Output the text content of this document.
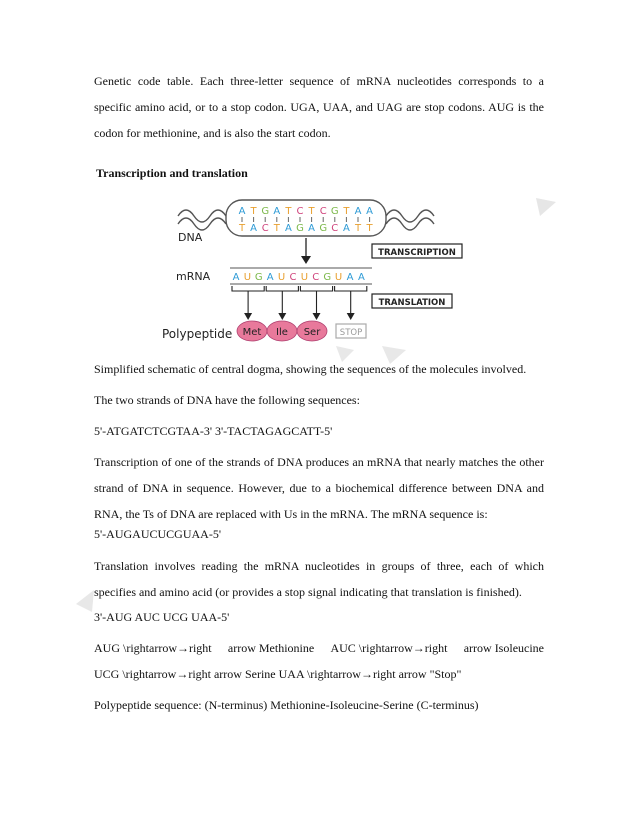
Genetic code table. Each three-letter sequence of mRNA nucleotides corresponds to a specific amino acid, or to a stop codon. UGA, UAA, and UAG are stop codons. AUG is the codon for methionine, and is also the start codon.

Transcription and translation

A T G A T C T C G T A A
T A C T A G A G C A T T
DNA
TRANSCRIPTION
mRNA A U G A U C U C G U A A
TRANSLATION
Polypeptide Met Ile Ser STOP

Simplified schematic of central dogma, showing the sequences of the molecules involved.

The two strands of DNA have the following sequences:

5'-ATGATCTCGTAA-3' 3'-TACTAGAGCATT-5'

Transcription of one of the strands of DNA produces an mRNA that nearly matches the other strand of DNA in sequence. However, due to a biochemical difference between DNA and RNA, the Ts of DNA are replaced with Us in the mRNA. The mRNA sequence is:

5'-AUGAUCUCGUAA-5'

Translation involves reading the mRNA nucleotides in groups of three, each of which specifies and amino acid (or provides a stop signal indicating that translation is finished).

3'-AUG AUC UCG UAA-5'

AUG \rightarrow→right arrow Methionine AUC \rightarrow→right arrow Isoleucine

UCG \rightarrow→right arrow Serine UAA \rightarrow→right arrow "Stop"

Polypeptide sequence: (N-terminus) Methionine-Isoleucine-Serine (C-terminus)
